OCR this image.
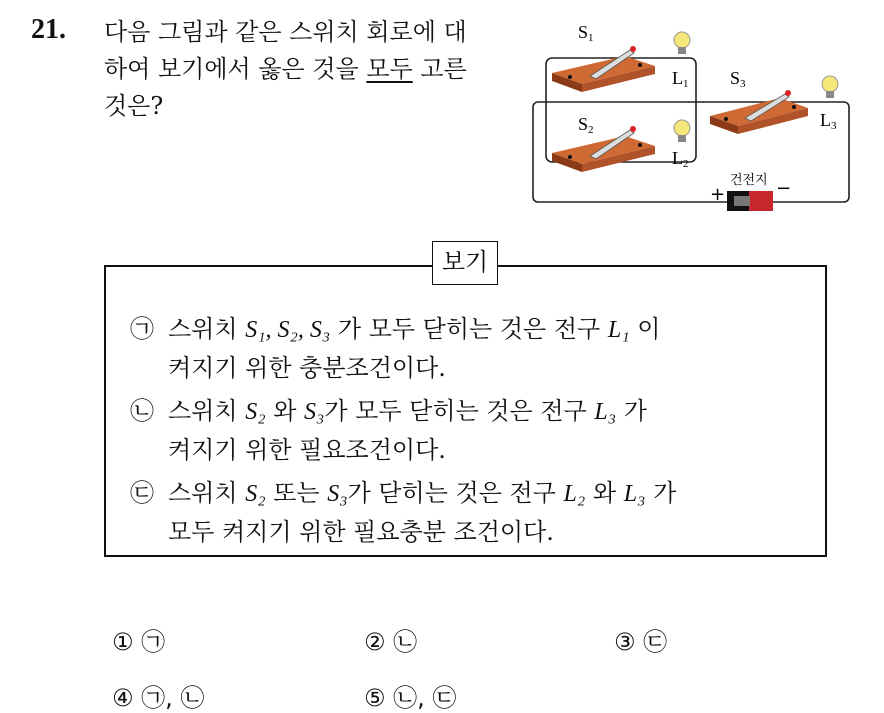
21. 다음 그림과 같은 스위치 회로에 대
하여 보기에서 옳은 것을 모두 고른
것은?
S1
L1 S3
L3
S2
L2
건전지
+	−
보기
㉠ 스위치 S₁, S₂, S₃ 가 모두 닫히는 것은 전구 L₁ 이
켜지기 위한 충분조건이다.
㉡ 스위치 S₂ 와 S₃가 모두 닫히는 것은 전구 L₃ 가
켜지기 위한 필요조건이다.
㉢ 스위치 S₂ 또는 S₃가 닫히는 것은 전구 L₂ 와 L₃ 가
모두 켜지기 위한 필요충분 조건이다.
① ㉠	② ㉡	③ ㉢
④ ㉠, ㉡	⑤ ㉡, ㉢
